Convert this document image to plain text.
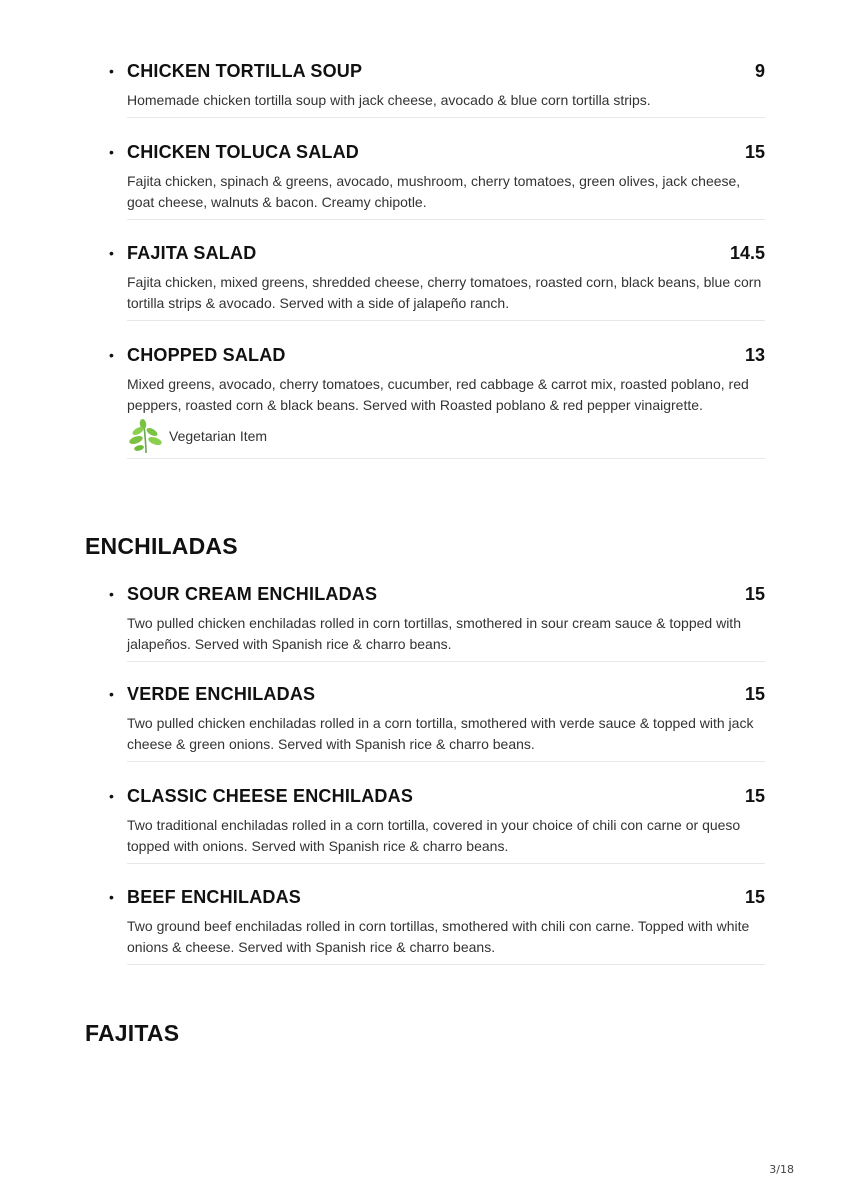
• CHICKEN TORTILLA SOUP	9
Homemade chicken tortilla soup with jack cheese, avocado & blue corn tortilla strips.
• CHICKEN TOLUCA SALAD	15
Fajita chicken, spinach & greens, avocado, mushroom, cherry tomatoes, green olives, jack cheese, goat cheese, walnuts & bacon. Creamy chipotle.
• FAJITA SALAD	14.5
Fajita chicken, mixed greens, shredded cheese, cherry tomatoes, roasted corn, black beans, blue corn tortilla strips & avocado. Served with a side of jalapeño ranch.
• CHOPPED SALAD	13
Mixed greens, avocado, cherry tomatoes, cucumber, red cabbage & carrot mix, roasted poblano, red peppers, roasted corn & black beans. Served with Roasted poblano & red pepper vinaigrette.
Vegetarian Item
ENCHILADAS
• SOUR CREAM ENCHILADAS	15
Two pulled chicken enchiladas rolled in corn tortillas, smothered in sour cream sauce & topped with jalapeños. Served with Spanish rice & charro beans.
• VERDE ENCHILADAS	15
Two pulled chicken enchiladas rolled in a corn tortilla, smothered with verde sauce & topped with jack cheese & green onions. Served with Spanish rice & charro beans.
• CLASSIC CHEESE ENCHILADAS	15
Two traditional enchiladas rolled in a corn tortilla, covered in your choice of chili con carne or queso topped with onions. Served with Spanish rice & charro beans.
• BEEF ENCHILADAS	15
Two ground beef enchiladas rolled in corn tortillas, smothered with chili con carne. Topped with white onions & cheese. Served with Spanish rice & charro beans.
FAJITAS
3/18
